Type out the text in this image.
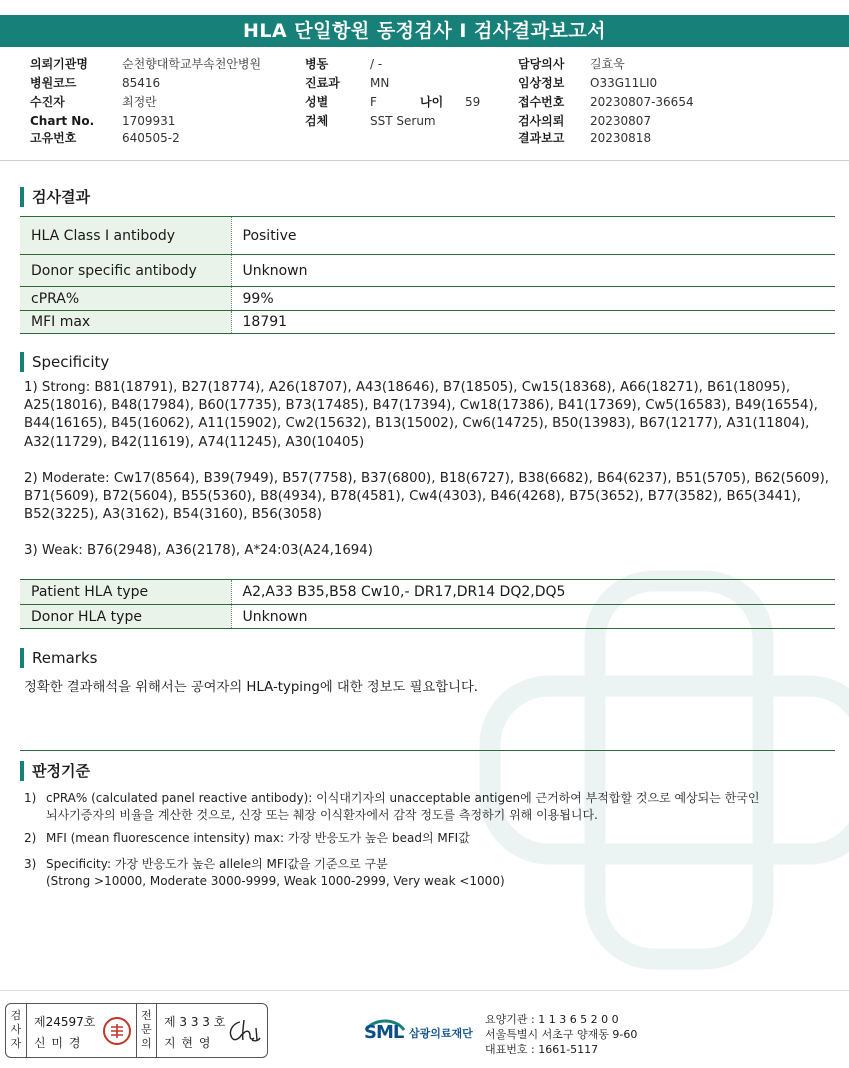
HLA 단일항원 동정검사 I 검사결과보고서
의뢰기관명	순천향대학교부속천안병원
병원코드	85416
수진자	최정란
Chart No. 1709931
고유번호	640505-2
병동	/ -
진료과	MN
성별	F	나이 59
검체	SST Serum
담당의사 길효욱
임상정보 O33G11LI0
접수번호 20230807-36654
검사의뢰 20230807
결과보고 20230818
검사결과
HLA Class I antibody	Positive
Donor specific antibody	Unknown
cPRA%	99%
MFI max	18791
Specificity

1) Strong: B81(18791), B27(18774), A26(18707), A43(18646), B7(18505), Cw15(18368), A66(18271), B61(18095), A25(18016), B48(17984), B60(17735), B73(17485), B47(17394), Cw18(17386), B41(17369), Cw5(16583), B49(16554), B44(16165), B45(16062), A11(15902), Cw2(15632), B13(15002), Cw6(14725), B50(13983), B67(12177), A31(11804), A32(11729), B42(11619), A74(11245), A30(10405)

2) Moderate: Cw17(8564), B39(7949), B57(7758), B37(6800), B18(6727), B38(6682), B64(6237), B51(5705), B62(5609), B71(5609), B72(5604), B55(5360), B8(4934), B78(4581), Cw4(4303), B46(4268), B75(3652), B77(3582), B65(3441), B52(3225), A3(3162), B54(3160), B56(3058)

3) Weak: B76(2948), A36(2178), A*24:03(A24,1694)

Patient HLA type	A2,A33 B35,B58 Cw10,- DR17,DR14 DQ2,DQ5
Donor HLA type	Unknown
Remarks
정확한 결과해석을 위해서는 공여자의 HLA-typing에 대한 정보도 필요합니다.
판정기준
1) cPRA% (calculated panel reactive antibody): 이식대기자의 unacceptable antigen에 근거하여 부적합할 것으로 예상되는 한국인
뇌사기증자의 비율을 계산한 것으로, 신장 또는 췌장 이식환자에서 감작 정도를 측정하기 위해 이용됩니다.
2) MFI (mean fluorescence intensity) max: 가장 반응도가 높은 bead의 MFI값
3) Specificity: 가장 반응도가 높은 allele의 MFI값을 기준으로 구분
(Strong >10000, Moderate 3000-9999, Weak 1000-2999, Very weak <1000)
검사자
제24597호
신 미 경
전문의
제 3 3 3 호
지 현 영	SML 삼광의료재단
요양기관 : 1 1 3 6 5 2 0 0
서울특별시 서초구 양재동 9-60
대표번호 : 1661-5117
